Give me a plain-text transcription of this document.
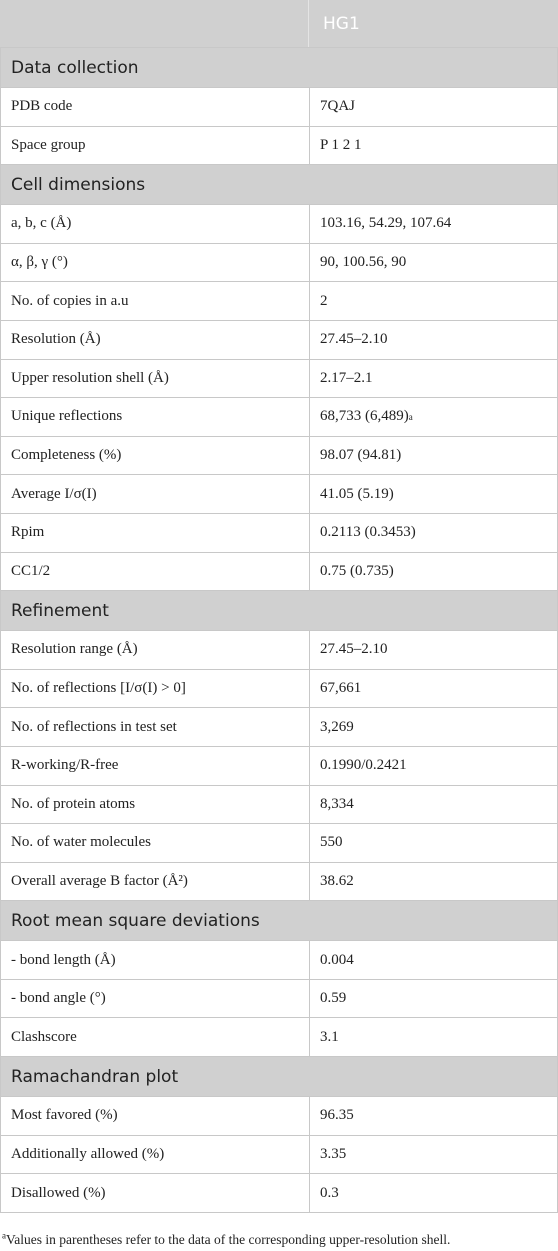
HG1
Data collection
PDB code	7QAJ
Space group	P 1 2 1
Cell dimensions
a, b, c (Å)	103.16, 54.29, 107.64
α, β, γ (°)	90, 100.56, 90
No. of copies in a.u	2
Resolution (Å)	27.45–2.10
Upper resolution shell (Å)	2.17–2.1
Unique reflections	68,733 (6,489) a
Completeness (%)	98.07 (94.81)
Average I/σ(I)	41.05 (5.19)
Rpim	0.2113 (0.3453)
CC1/2	0.75 (0.735)
Refinement
Resolution range (Å)	27.45–2.10
No. of reflections [I/σ(I) > 0]	67,661
No. of reflections in test set	3,269
R-working/R-free	0.1990/0.2421
No. of protein atoms	8,334
No. of water molecules	550
Overall average B factor (Å²)	38.62
Root mean square deviations
- bond length (Å)	0.004
- bond angle (°)	0.59
Clashscore	3.1
Ramachandran plot
Most favored (%)	96.35
Additionally allowed (%)	3.35
Disallowed (%)	0.3
$^a$Values in parentheses refer to the data of the corresponding upper-resolution shell.
